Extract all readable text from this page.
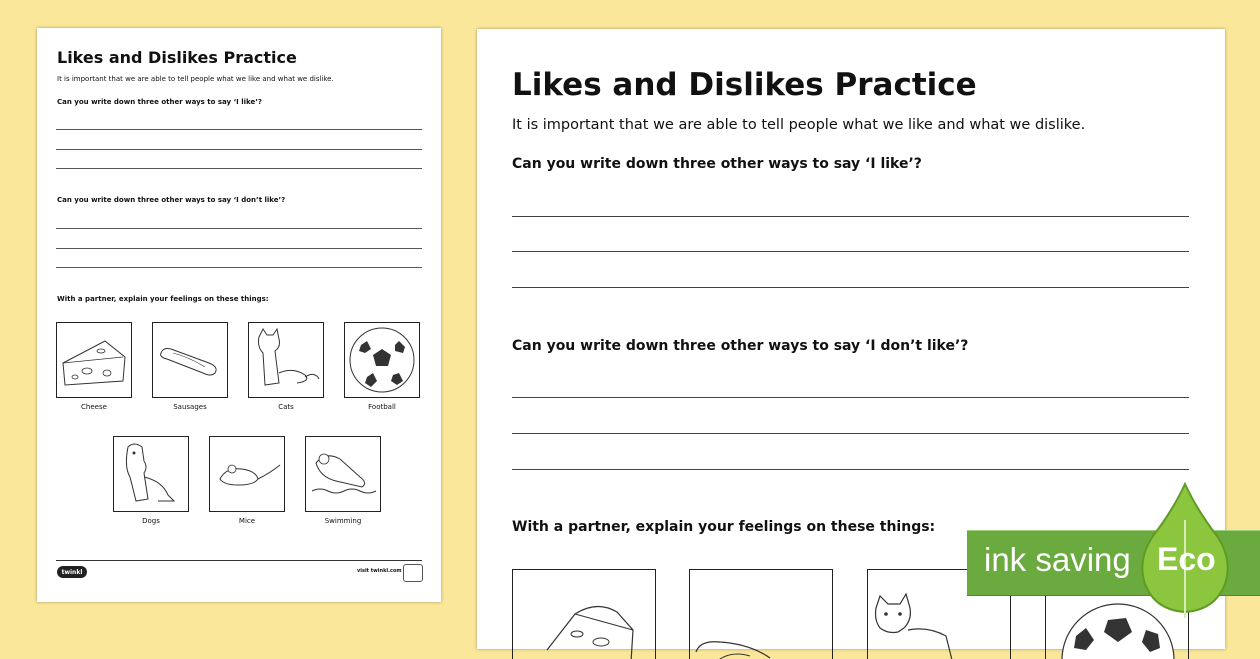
Likes and Dislikes Practice
It is important that we are able to tell people what we like and what we dislike.
Can you write down three other ways to say ‘I like’?
Can you write down three other ways to say ‘I don’t like’?
With a partner, explain your feelings on these things:
Cheese	Sausages	Cats	Football
Dogs	Mice	Swimming
twinkl	visit twinkl.com
Likes and Dislikes Practice
It is important that we are able to tell people what we like and what we dislike.
Can you write down three other ways to say ‘I like’?
Can you write down three other ways to say ‘I don’t like’?
With a partner, explain your feelings on these things:
ink saving Eco
